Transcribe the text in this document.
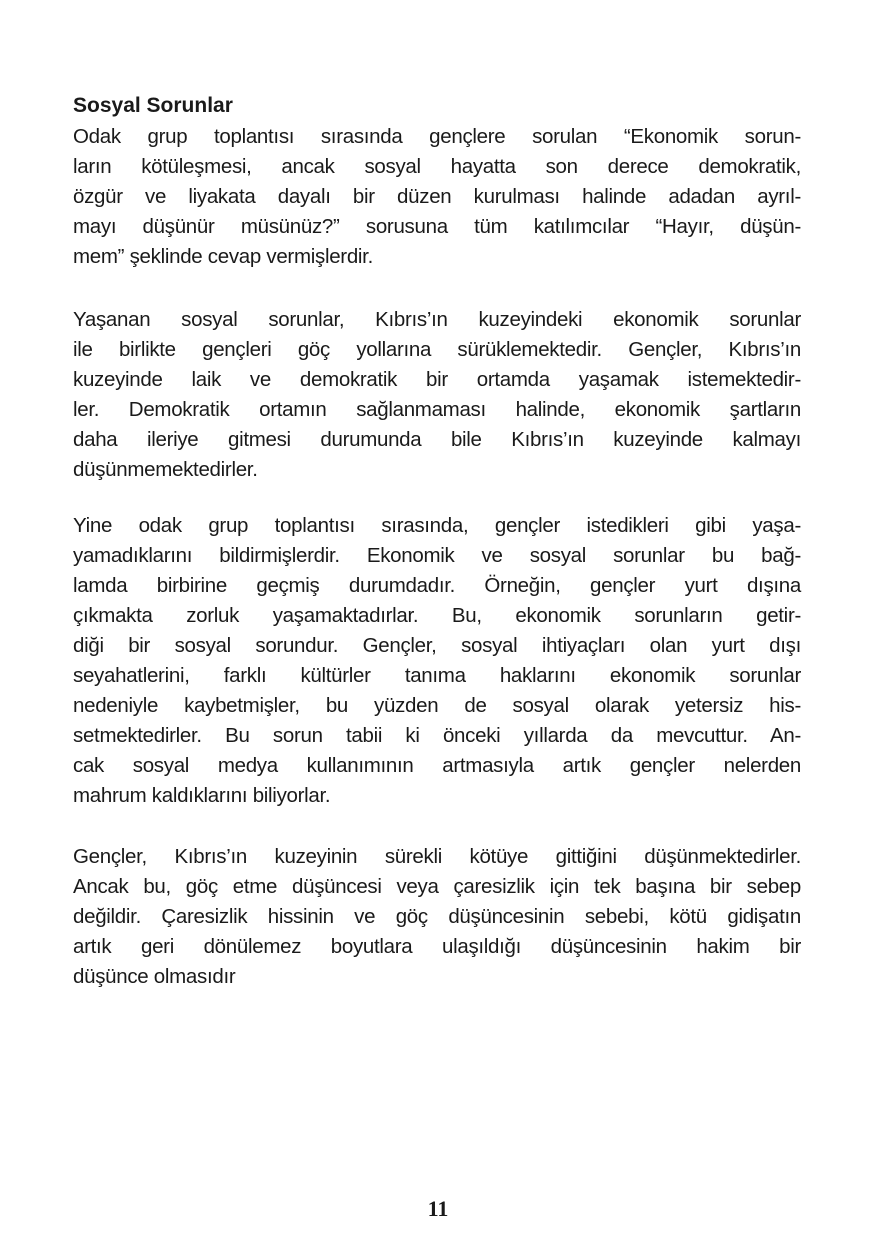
Sosyal Sorunlar
Odak grup toplantısı sırasında gençlere sorulan “Ekonomik sorun-
ların kötüleşmesi, ancak sosyal hayatta son derece demokratik,
özgür ve liyakata dayalı bir düzen kurulması halinde adadan ayrıl-
mayı düşünür müsünüz?” sorusuna tüm katılımcılar “Hayır, düşün-
mem” şeklinde cevap vermişlerdir.
Yaşanan sosyal sorunlar, Kıbrıs’ın kuzeyindeki ekonomik sorunlar
ile birlikte gençleri göç yollarına sürüklemektedir. Gençler, Kıbrıs’ın
kuzeyinde laik ve demokratik bir ortamda yaşamak istemektedir-
ler. Demokratik ortamın sağlanmaması halinde, ekonomik şartların
daha ileriye gitmesi durumunda bile Kıbrıs’ın kuzeyinde kalmayı
düşünmemektedirler.
Yine odak grup toplantısı sırasında, gençler istedikleri gibi yaşa-
yamadıklarını bildirmişlerdir. Ekonomik ve sosyal sorunlar bu bağ-
lamda birbirine geçmiş durumdadır. Örneğin, gençler yurt dışına
çıkmakta zorluk yaşamaktadırlar. Bu, ekonomik sorunların getir-
diği bir sosyal sorundur. Gençler, sosyal ihtiyaçları olan yurt dışı
seyahatlerini, farklı kültürler tanıma haklarını ekonomik sorunlar
nedeniyle kaybetmişler, bu yüzden de sosyal olarak yetersiz his-
setmektedirler. Bu sorun tabii ki önceki yıllarda da mevcuttur. An-
cak sosyal medya kullanımının artmasıyla artık gençler nelerden
mahrum kaldıklarını biliyorlar.
Gençler, Kıbrıs’ın kuzeyinin sürekli kötüye gittiğini düşünmektedirler.
Ancak bu, göç etme düşüncesi veya çaresizlik için tek başına bir sebep
değildir. Çaresizlik hissinin ve göç düşüncesinin sebebi, kötü gidişatın
artık geri dönülemez boyutlara ulaşıldığı düşüncesinin hakim bir
düşünce olmasıdır
11
